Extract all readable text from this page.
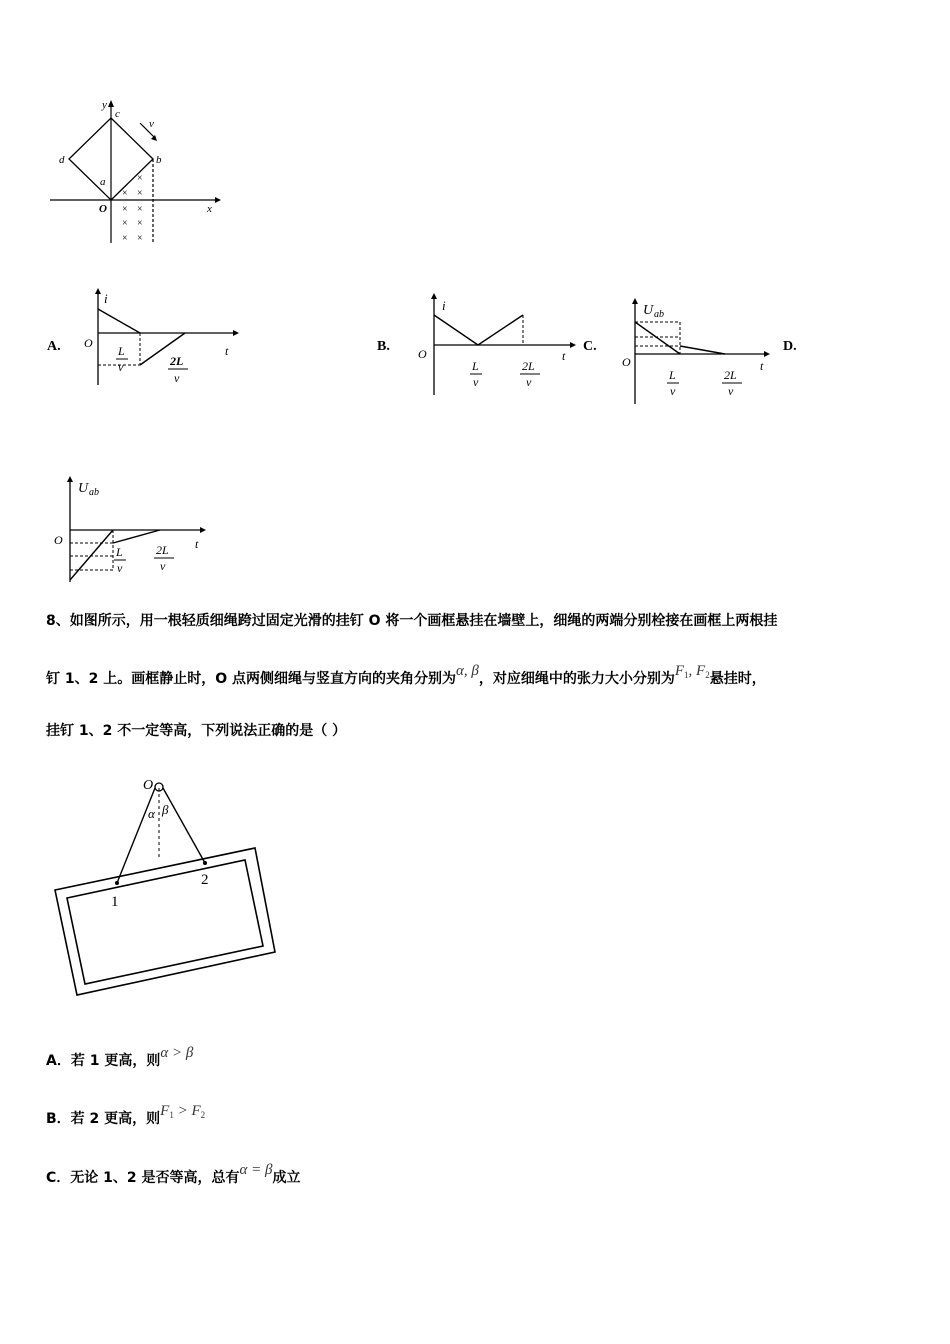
y
x
O
c
b
d
a
v
×
× ×
× ×
× ×
× ×
A.
i
O
t
L
v	2L
v
B.
i
O	t
L
v
2L
v
C.
U ab
O	t
L
v
2L
v
D.
U ab
O	t
L
v
2L
v
8、如图所示，用一根轻质细绳跨过固定光滑的挂钉 O 将一个画框悬挂在墙壁上，细绳的两端分别栓接在画框上两根挂
钉 1、2 上。画框静止时，O 点两侧细绳与竖直方向的夹角分别为α, β，对应细绳中的张力大小分别为$F_1$, $F_2$悬挂时，
挂钉 1、2 不一定等高，下列说法正确的是（ ）
O
α β
1
2
A．若 1 更高，则α > β
B．若 2 更高，则$F_1 > F_2$
C．无论 1、2 是否等高，总有α = β成立
